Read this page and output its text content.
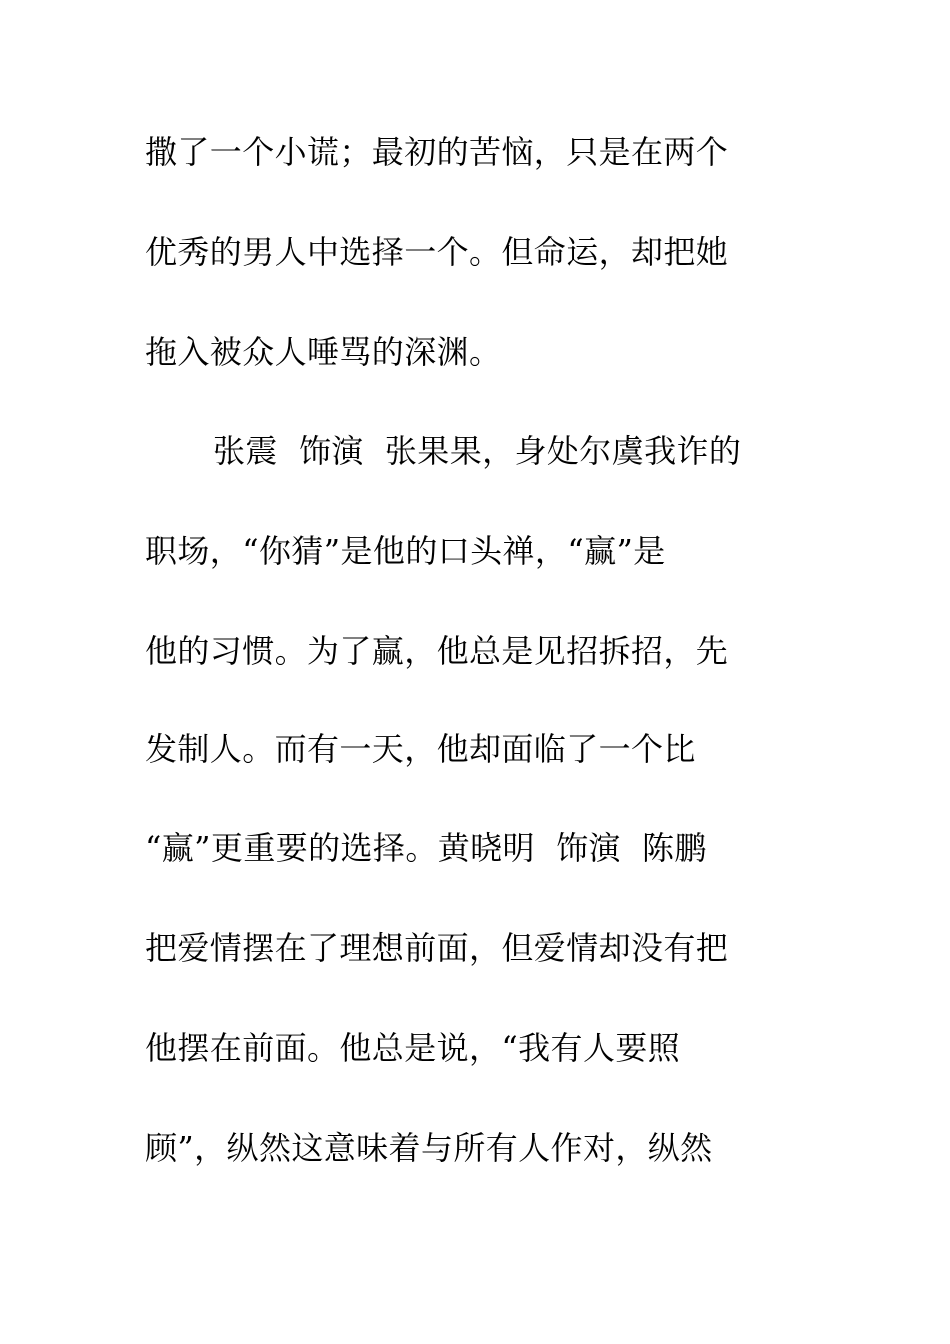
撒了一个小谎；最初的苦恼，只是在两个
优秀的男人中选择一个。但命运，却把她
拖入被众人唾骂的深渊。
张震  饰演  张果果，身处尔虞我诈的
职场，“你猜”是他的口头禅，“赢”是
他的习惯。为了赢，他总是见招拆招，先
发制人。而有一天，他却面临了一个比
“赢”更重要的选择。黄晓明  饰演  陈鹏
把爱情摆在了理想前面，但爱情却没有把
他摆在前面。他总是说，“我有人要照
顾”，纵然这意味着与所有人作对，纵然
